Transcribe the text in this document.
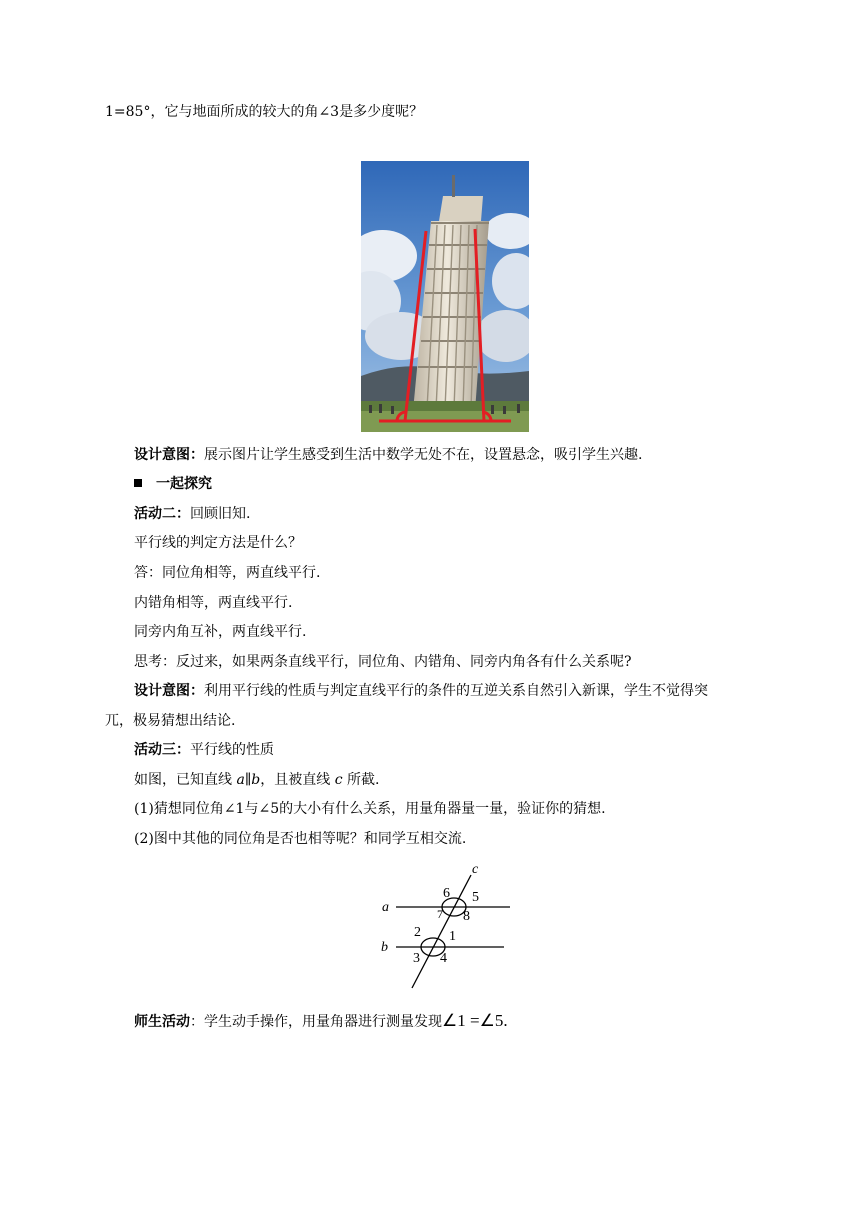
1=85°，它与地面所成的较大的角∠3是多少度呢？
设计意图：展示图片让学生感受到生活中数学无处不在，设置悬念，吸引学生兴趣.
一起探究
活动二：回顾旧知.
平行线的判定方法是什么？
答：同位角相等，两直线平行.
内错角相等，两直线平行.
同旁内角互补，两直线平行.
思考：反过来，如果两条直线平行，同位角、内错角、同旁内角各有什么关系呢?
设计意图：利用平行线的性质与判定直线平行的条件的互逆关系自然引入新课，学生不觉得突
兀，极易猜想出结论.
活动三：平行线的性质
如图，已知直线 a∥b，且被直线 c 所截.
(1)猜想同位角∠1与∠5的大小有什么关系，用量角器量一量，验证你的猜想.
(2)图中其他的同位角是否也相等呢？和同学互相交流.
c
a
b
6 5
7 8
2 1
3 4
师生活动：学生动手操作，用量角器进行测量发现∠1 =∠5.
